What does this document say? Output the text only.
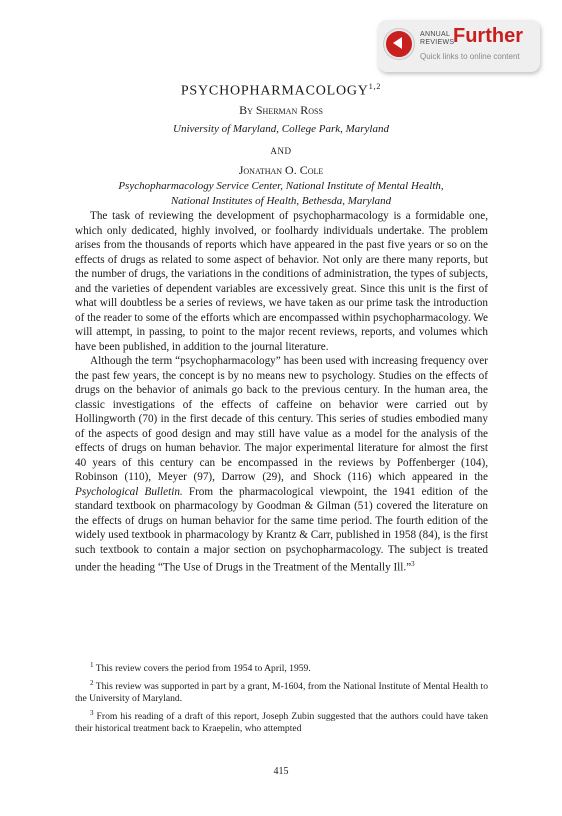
ANNUAL
REVIEWS
Further
Quick links to online content
PSYCHOPHARMACOLOGY$^{1,2}$
By Sherman Ross
University of Maryland, College Park, Maryland
AND
Jonathan O. Cole
Psychopharmacology Service Center, National Institute of Mental Health,
National Institutes of Health, Bethesda, Maryland

The task of reviewing the development of psychopharmacology is a formidable one, which only dedicated, highly involved, or foolhardy individuals undertake. The problem arises from the thousands of reports which have appeared in the past five years or so on the effects of drugs as related to some aspect of behavior. Not only are there many reports, but the number of drugs, the variations in the conditions of administration, the types of subjects, and the varieties of dependent variables are excessively great. Since this unit is the first of what will doubtless be a series of reviews, we have taken as our prime task the introduction of the reader to some of the efforts which are encompassed within psychopharmacology. We will attempt, in passing, to point to the major recent reviews, reports, and volumes which have been published, in addition to the journal literature.

Although the term “psychopharmacology” has been used with increasing frequency over the past few years, the concept is by no means new to psychology. Studies on the effects of drugs on the behavior of animals go back to the previous century. In the human area, the classic investigations of the effects of caffeine on behavior were carried out by Hollingworth (70) in the first decade of this century. This series of studies embodied many of the aspects of good design and may still have value as a model for the analysis of the effects of drugs on human behavior. The major experimental literature for almost the first 40 years of this century can be encompassed in the reviews by Poffenberger (104), Robinson (110), Meyer (97), Darrow (29), and Shock (116) which appeared in the Psychological Bulletin. From the pharmacological viewpoint, the 1941 edition of the standard textbook on pharmacology by Goodman & Gilman (51) covered the literature on the effects of drugs on human behavior for the same time period. The fourth edition of the widely used textbook in pharmacology by Krantz & Carr, published in 1958 (84), is the first such textbook to contain a major section on psychopharmacology. The subject is treated under the heading “The Use of Drugs in the Treatment of the Mentally Ill.”$^3$

$^1$ This review covers the period from 1954 to April, 1959.

$^2$ This review was supported in part by a grant, M-1604, from the National Institute of Mental Health to the University of Maryland.

$^3$ From his reading of a draft of this report, Joseph Zubin suggested that the authors could have taken their historical treatment back to Kraepelin, who attempted

415
